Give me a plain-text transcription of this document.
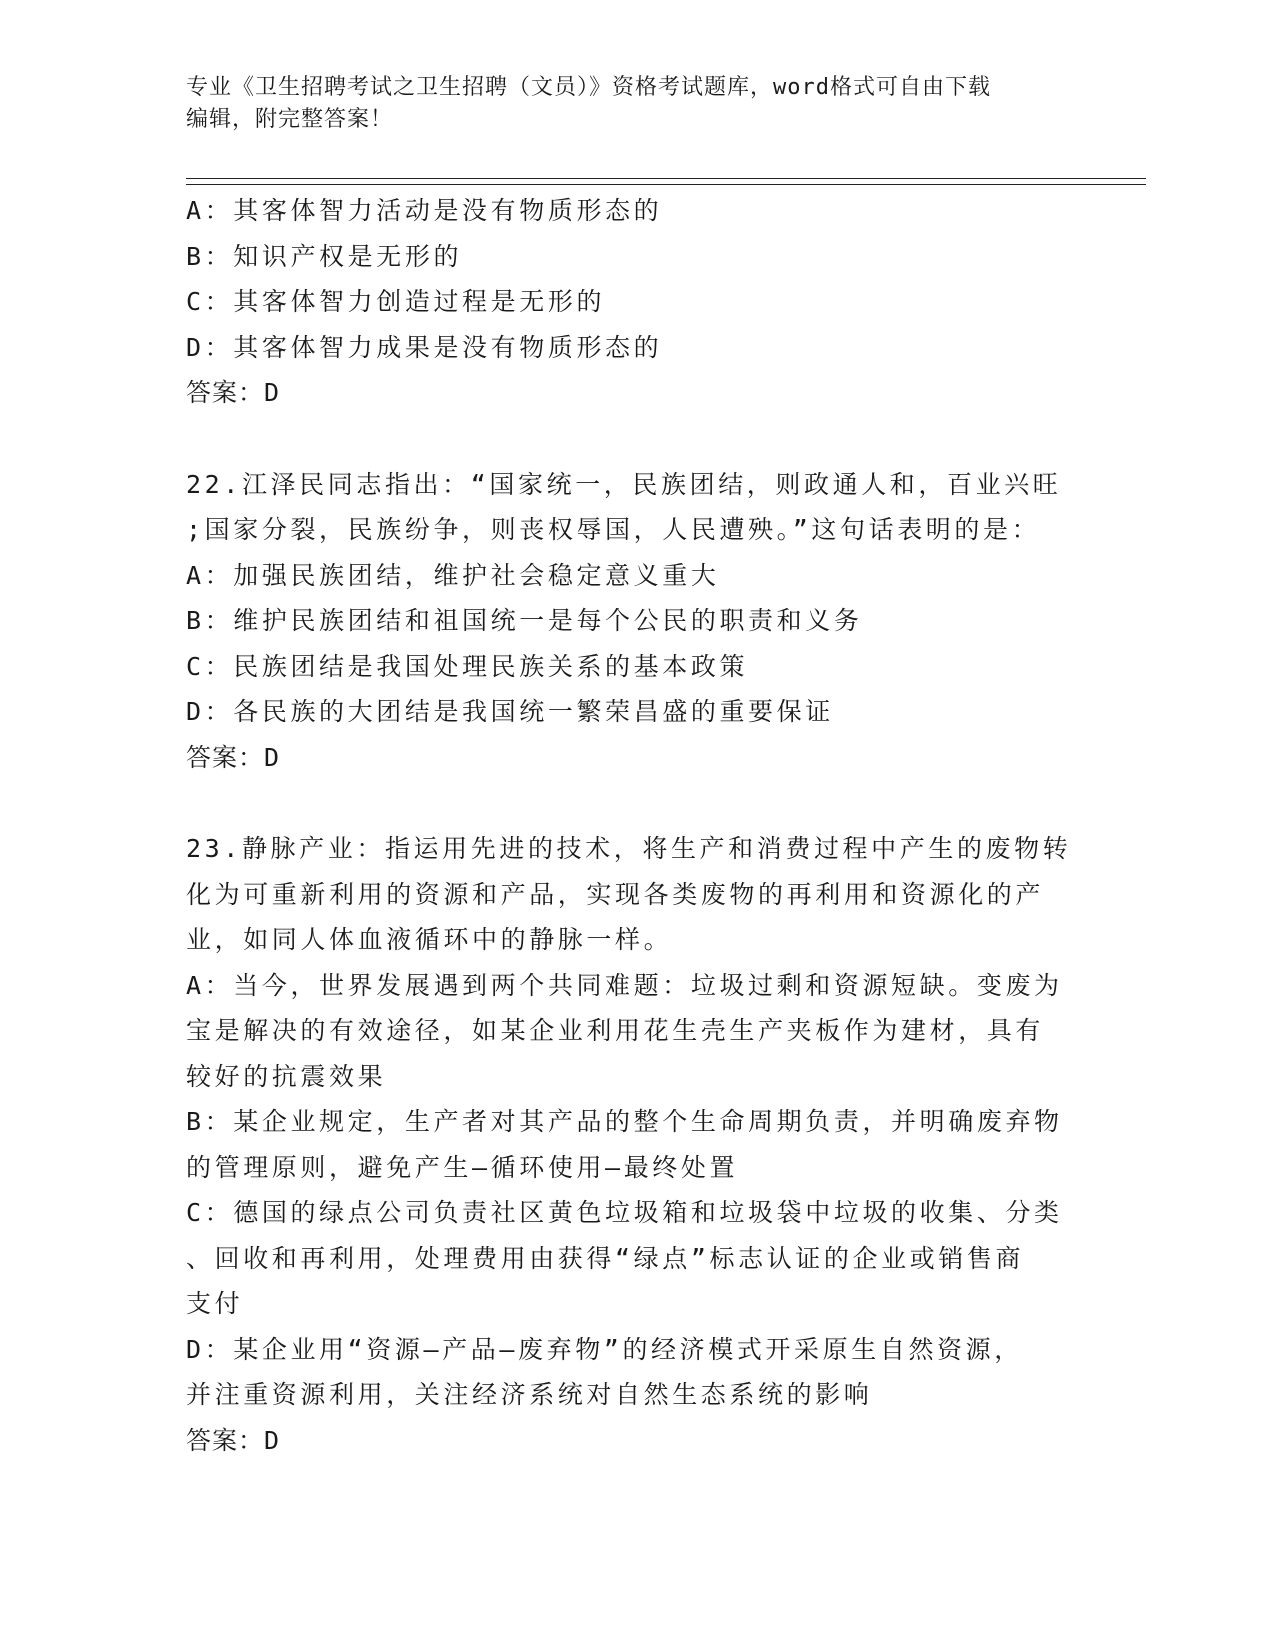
专业《卫生招聘考试之卫生招聘（文员）》资格考试题库，word格式可自由下载
编辑，附完整答案！
A：其客体智力活动是没有物质形态的
B：知识产权是无形的
C：其客体智力创造过程是无形的
D：其客体智力成果是没有物质形态的
答案：D
22.江泽民同志指出：“国家统一，民族团结，则政通人和，百业兴旺
;国家分裂，民族纷争，则丧权辱国，人民遭殃。”这句话表明的是：
A：加强民族团结，维护社会稳定意义重大
B：维护民族团结和祖国统一是每个公民的职责和义务
C：民族团结是我国处理民族关系的基本政策
D：各民族的大团结是我国统一繁荣昌盛的重要保证
答案：D
23.静脉产业：指运用先进的技术，将生产和消费过程中产生的废物转
化为可重新利用的资源和产品，实现各类废物的再利用和资源化的产
业，如同人体血液循环中的静脉一样。
A：当今，世界发展遇到两个共同难题：垃圾过剩和资源短缺。变废为
宝是解决的有效途径，如某企业利用花生壳生产夹板作为建材，具有
较好的抗震效果
B：某企业规定，生产者对其产品的整个生命周期负责，并明确废弃物
的管理原则，避免产生—循环使用—最终处置
C：德国的绿点公司负责社区黄色垃圾箱和垃圾袋中垃圾的收集、分类
、回收和再利用，处理费用由获得“绿点”标志认证的企业或销售商
支付
D：某企业用“资源—产品—废弃物”的经济模式开采原生自然资源，
并注重资源利用，关注经济系统对自然生态系统的影响
答案：D
